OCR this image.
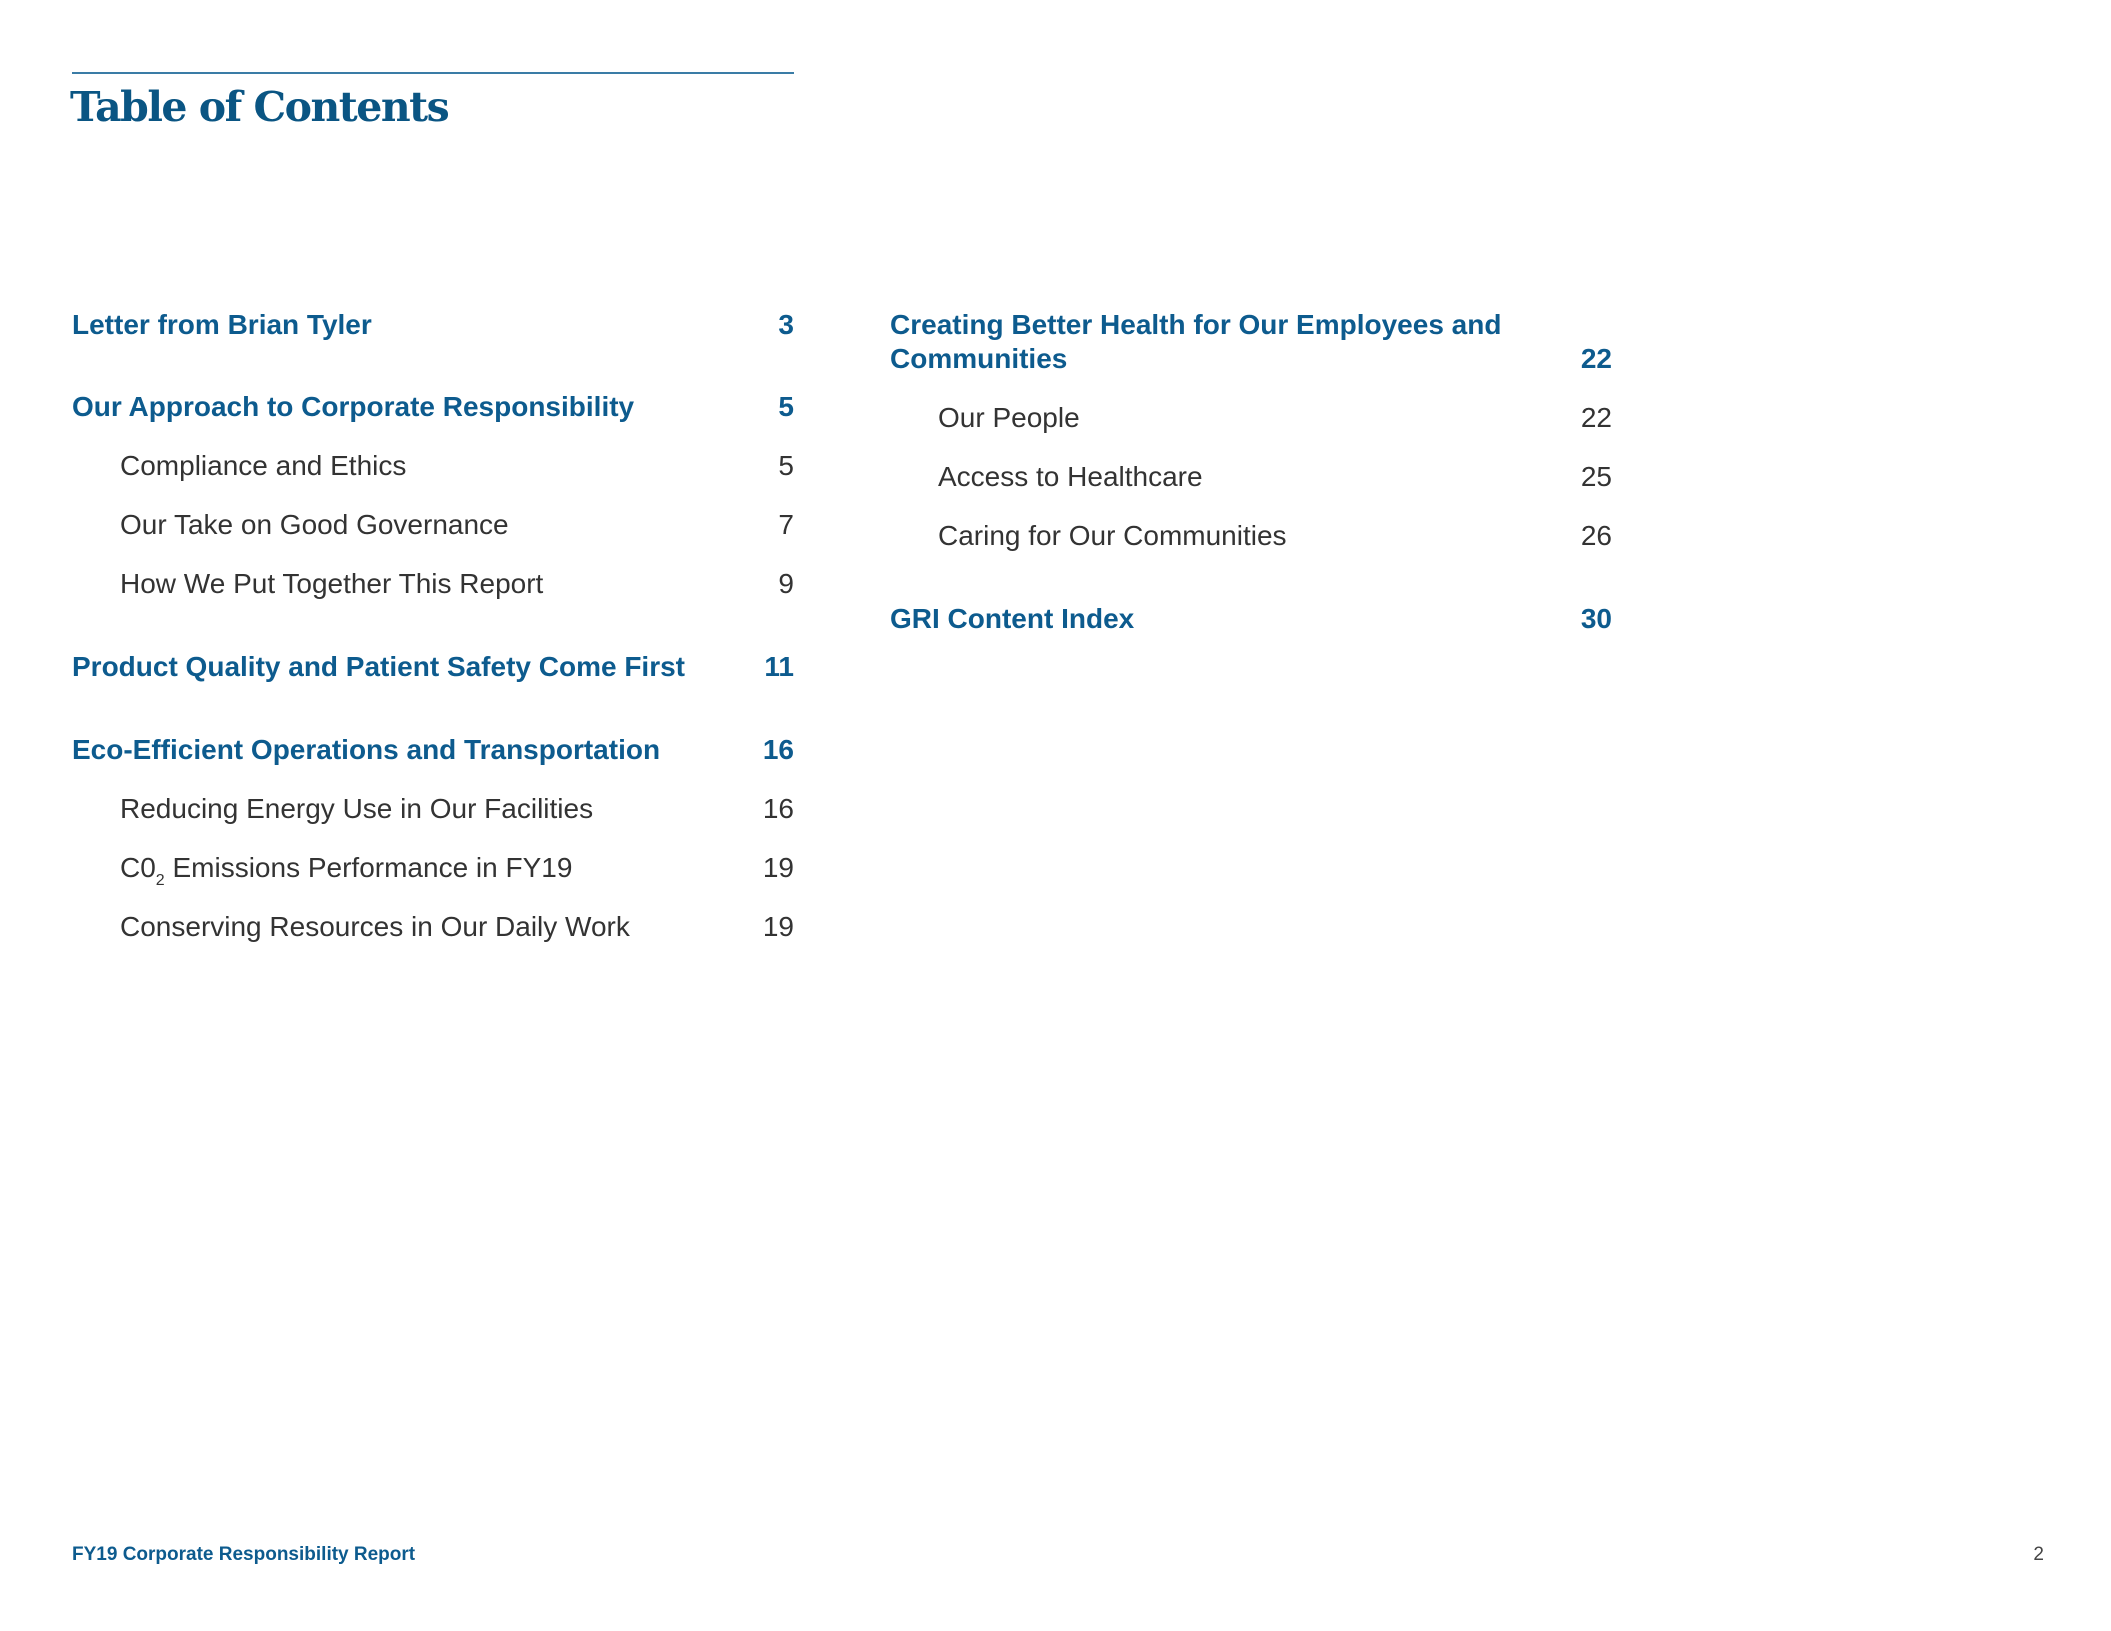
Table of Contents
Letter from Brian Tyler	3
Our Approach to Corporate Responsibility	5
Compliance and Ethics	5
Our Take on Good Governance	7
How We Put Together This Report	9
Product Quality and Patient Safety Come First	11
Eco-Efficient Operations and Transportation	16
Reducing Energy Use in Our Facilities	16
$C0_2$ Emissions Performance in FY19	19
Conserving Resources in Our Daily Work	19
Creating Better Health for Our Employees and
Communities	22
Our People	22
Access to Healthcare	25
Caring for Our Communities	26
GRI Content Index	30
FY19 Corporate Responsibility Report	2
